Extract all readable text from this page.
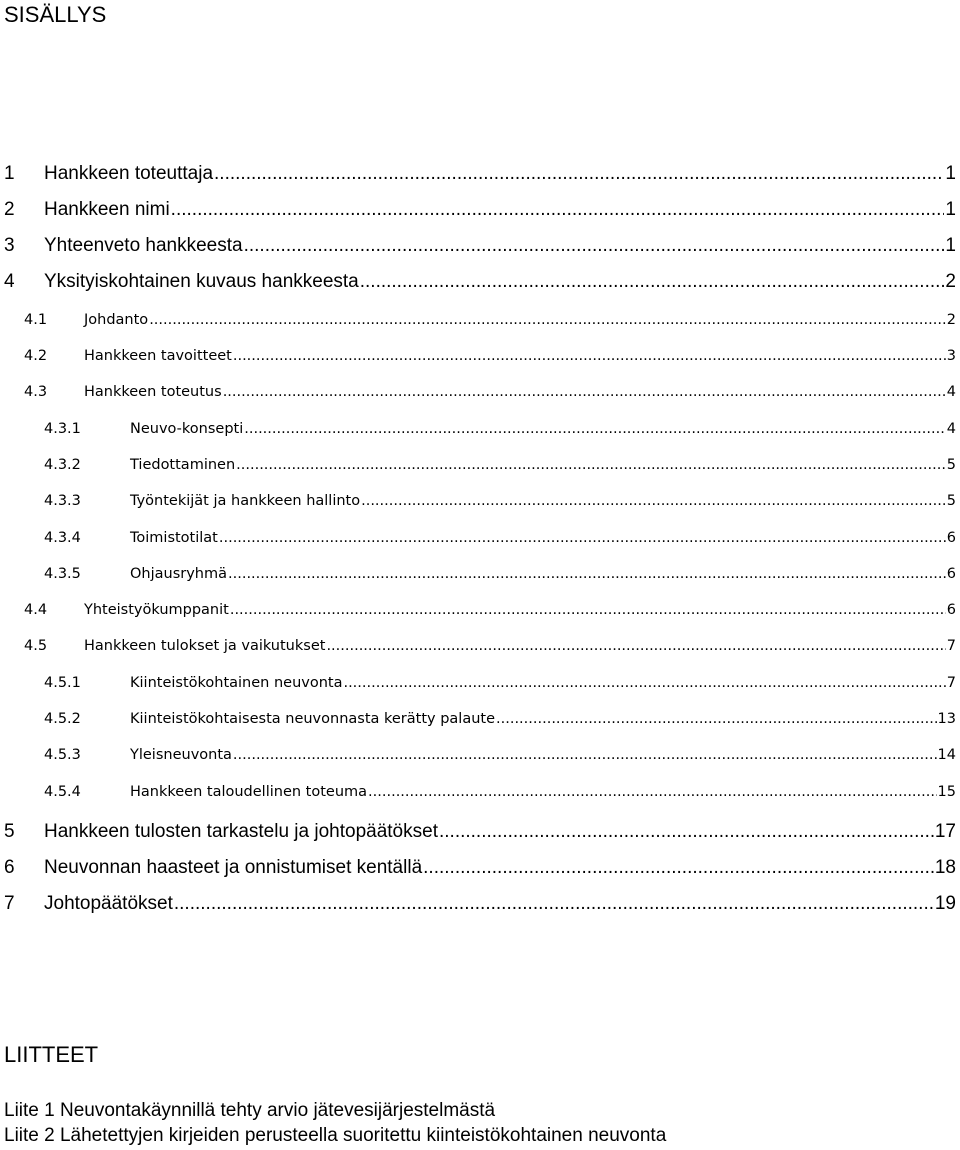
SISÄLLYS
1	Hankkeen toteuttaja .....	1
2	Hankkeen nimi .....	1
3	Yhteenveto hankkeesta .....	1
4	Yksityiskohtainen kuvaus hankkeesta .....	2
4.1	Johdanto .....	2
4.2	Hankkeen tavoitteet .....	3
4.3	Hankkeen toteutus .....	4
4.3.1	Neuvo-konsepti .....	4
4.3.2	Tiedottaminen .....	5
4.3.3	Työntekijät ja hankkeen hallinto .....	5
4.3.4	Toimistotilat .....	6
4.3.5	Ohjausryhmä .....	6
4.4	Yhteistyökumppanit .....	6
4.5	Hankkeen tulokset ja vaikutukset .....	7
4.5.1	Kiinteistökohtainen neuvonta .....	7
4.5.2	Kiinteistökohtaisesta neuvonnasta kerätty palaute .....	13
4.5.3	Yleisneuvonta .....	14
4.5.4	Hankkeen taloudellinen toteuma .....	15
5	Hankkeen tulosten tarkastelu ja johtopäätökset .....	17
6	Neuvonnan haasteet ja onnistumiset kentällä .....	18
7	Johtopäätökset .....	19
LIITTEET
Liite 1 Neuvontakäynnillä tehty arvio jätevesijärjestelmästä
Liite 2 Lähetettyjen kirjeiden perusteella suoritettu kiinteistökohtainen neuvonta
